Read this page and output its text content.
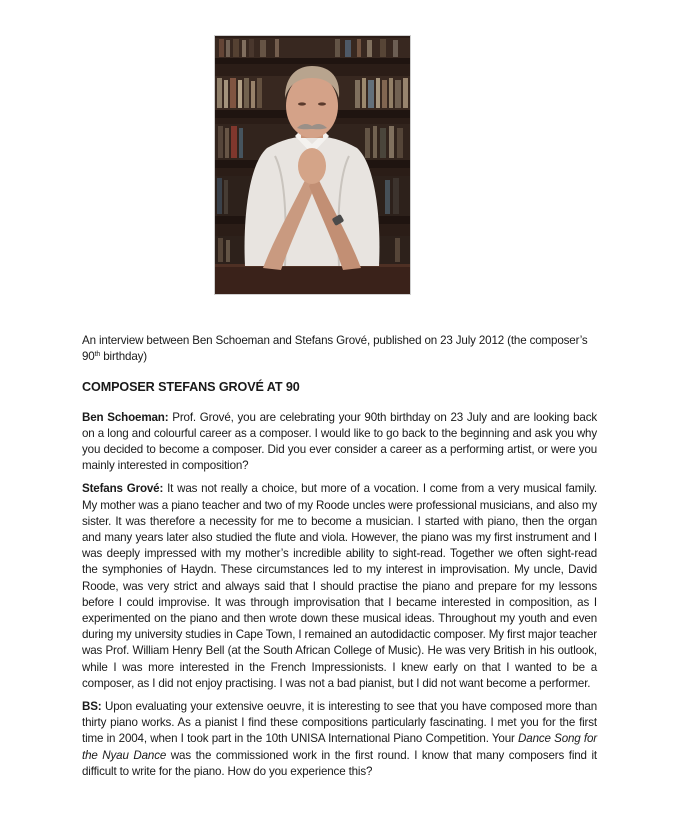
An interview between Ben Schoeman and Stefans Grové, published on 23 July 2012 (the composer’s 90th birthday)

COMPOSER STEFANS GROVÉ AT 90

Ben Schoeman: Prof. Grové, you are celebrating your 90th birthday on 23 July and are looking back on a long and colourful career as a composer. I would like to go back to the beginning and ask you why you decided to become a composer. Did you ever consider a career as a performing artist, or were you mainly interested in composition?

Stefans Grové: It was not really a choice, but more of a vocation. I come from a very musical family. My mother was a piano teacher and two of my Roode uncles were professional musicians, and also my sister. It was therefore a necessity for me to become a musician. I started with piano, then the organ and many years later also studied the flute and viola. However, the piano was my first instrument and I was deeply impressed with my mother’s incredible ability to sight-read. Together we often sight-read the symphonies of Haydn. These circumstances led to my interest in improvisation. My uncle, David Roode, was very strict and always said that I should practise the piano and prepare for my lessons before I could improvise. It was through improvisation that I became interested in composition, as I experimented on the piano and then wrote down these musical ideas. Throughout my youth and even during my university studies in Cape Town, I remained an autodidactic composer. My first major teacher was Prof. William Henry Bell (at the South African College of Music). He was very British in his outlook, while I was more interested in the French Impressionists. I knew early on that I wanted to be a composer, as I did not enjoy practising. I was not a bad pianist, but I did not want become a performer.

BS: Upon evaluating your extensive oeuvre, it is interesting to see that you have composed more than thirty piano works. As a pianist I find these compositions particularly fascinating. I met you for the first time in 2004, when I took part in the 10th UNISA International Piano Competition. Your Dance Song for the Nyau Dance was the commissioned work in the first round. I know that many composers find it difficult to write for the piano. How do you experience this?
